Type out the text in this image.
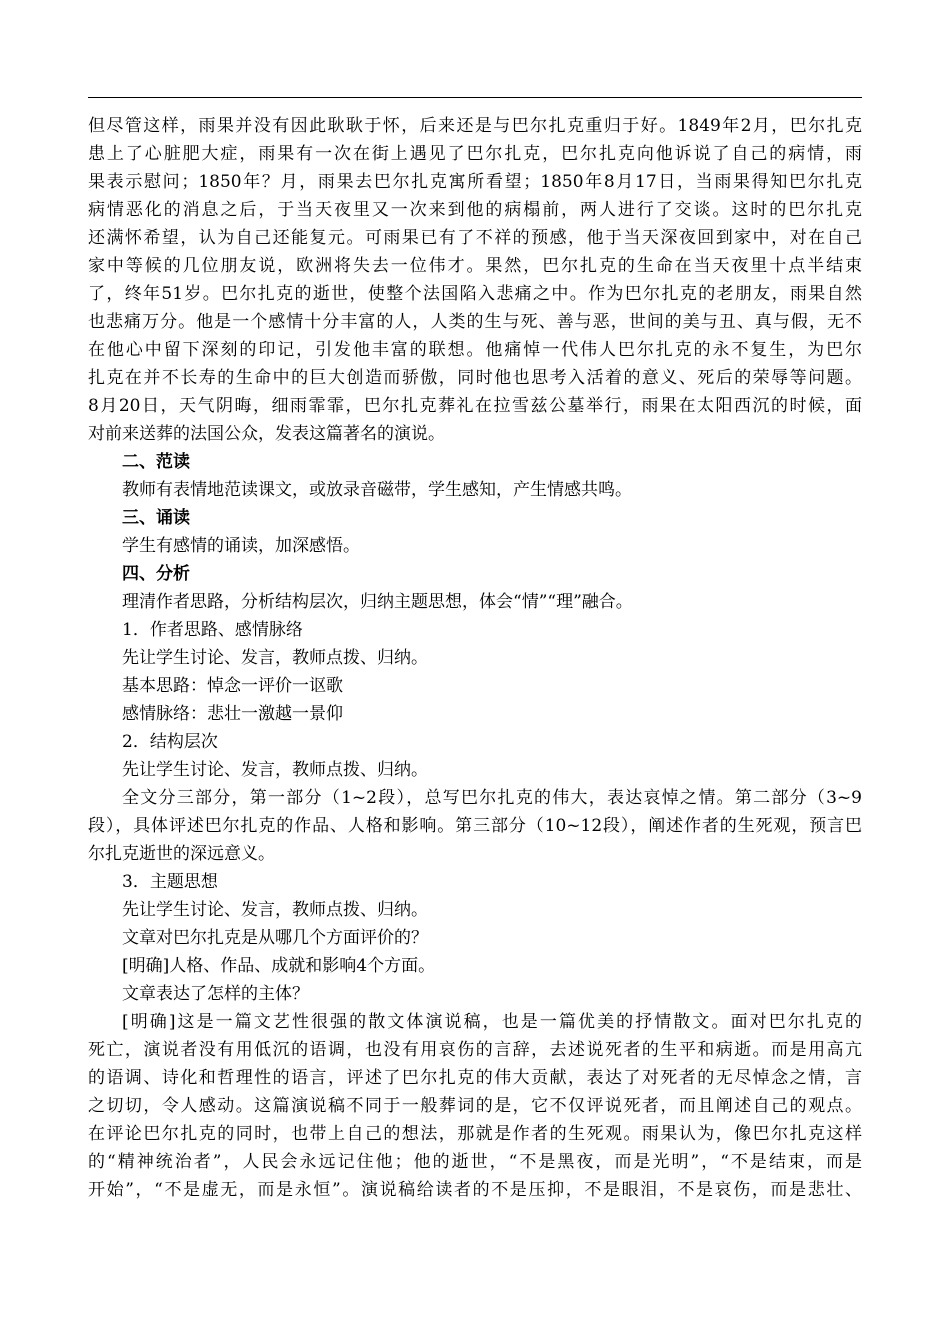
但尽管这样，雨果并没有因此耿耿于怀，后来还是与巴尔扎克重归于好。1849年2月，巴尔扎克
患上了心脏肥大症，雨果有一次在街上遇见了巴尔扎克，巴尔扎克向他诉说了自己的病情，雨
果表示慰问；1850年？月，雨果去巴尔扎克寓所看望；1850年8月17日，当雨果得知巴尔扎克
病情恶化的消息之后，于当天夜里又一次来到他的病榻前，两人进行了交谈。这时的巴尔扎克
还满怀希望，认为自己还能复元。可雨果已有了不祥的预感，他于当天深夜回到家中，对在自己
家中等候的几位朋友说，欧洲将失去一位伟才。果然，巴尔扎克的生命在当天夜里十点半结束
了，终年51岁。巴尔扎克的逝世，使整个法国陷入悲痛之中。作为巴尔扎克的老朋友，雨果自然
也悲痛万分。他是一个感情十分丰富的人，人类的生与死、善与恶，世间的美与丑、真与假，无不
在他心中留下深刻的印记，引发他丰富的联想。他痛悼一代伟人巴尔扎克的永不复生，为巴尔
扎克在并不长寿的生命中的巨大创造而骄傲，同时他也思考入活着的意义、死后的荣辱等问题。
8月20日，天气阴晦，细雨霏霏，巴尔扎克葬礼在拉雪兹公墓举行，雨果在太阳西沉的时候，面
对前来送葬的法国公众，发表这篇著名的演说。
二、范读
教师有表情地范读课文，或放录音磁带，学生感知，产生情感共鸣。
三、诵读
学生有感情的诵读，加深感悟。
四、分析
理清作者思路，分析结构层次，归纳主题思想，体会“情”“理”融合。
1．作者思路、感情脉络
先让学生讨论、发言，教师点拨、归纳。
基本思路：悼念一评价一讴歌
感情脉络：悲壮一激越一景仰
2．结构层次
先让学生讨论、发言，教师点拨、归纳。
全文分三部分，第一部分（1~2段），总写巴尔扎克的伟大，表达哀悼之情。第二部分（3~9
段），具体评述巴尔扎克的作品、人格和影响。第三部分（10~12段），阐述作者的生死观，预言巴
尔扎克逝世的深远意义。
3．主题思想
先让学生讨论、发言，教师点拨、归纳。
文章对巴尔扎克是从哪几个方面评价的？
[明确]人格、作品、成就和影响4个方面。
文章表达了怎样的主体？
[明确]这是一篇文艺性很强的散文体演说稿，也是一篇优美的抒情散文。面对巴尔扎克的
死亡，演说者没有用低沉的语调，也没有用哀伤的言辞，去述说死者的生平和病逝。而是用高亢
的语调、诗化和哲理性的语言，评述了巴尔扎克的伟大贡献，表达了对死者的无尽悼念之情，言
之切切，令人感动。这篇演说稿不同于一般葬词的是，它不仅评说死者，而且阐述自己的观点。
在评论巴尔扎克的同时，也带上自己的想法，那就是作者的生死观。雨果认为，像巴尔扎克这样
的“精神统治者”，人民会永远记住他；他的逝世，“不是黑夜，而是光明”，“不是结束，而是
开始”，“不是虚无，而是永恒”。演说稿给读者的不是压抑，不是眼泪，不是哀伤，而是悲壮、
